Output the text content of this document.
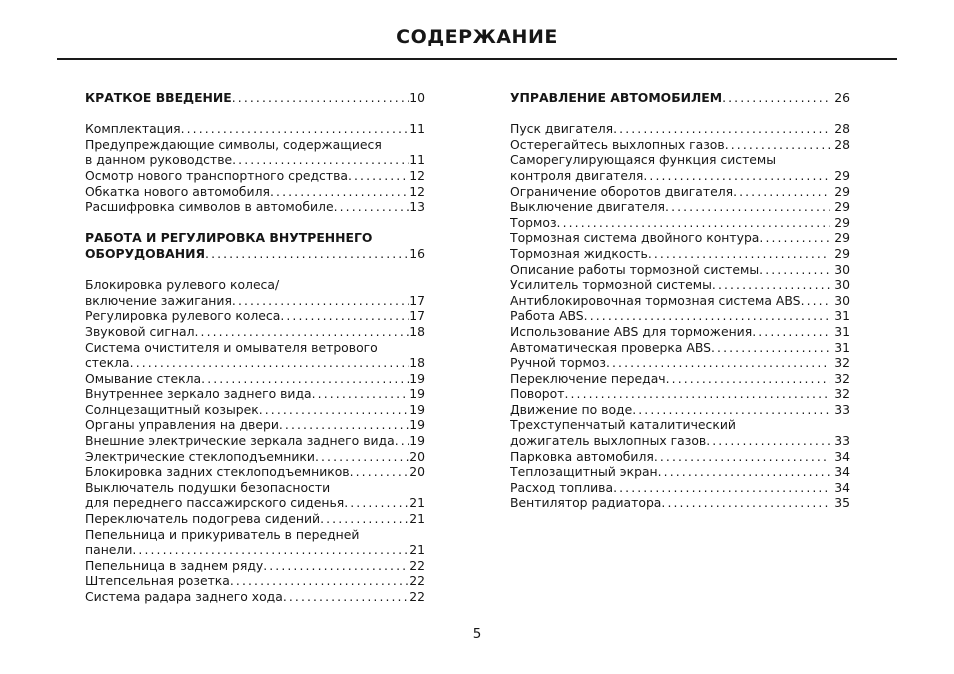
СОДЕРЖАНИЕ
КРАТКОЕ ВВЕДЕНИЕ .....	10
Комплектация .....	11
Предупреждающие символы, содержащиеся
в данном руководстве .....	11
Осмотр нового транспортного средства .....	12
Обкатка нового автомобиля .....	12
Расшифровка символов в автомобиле .....	13
РАБОТА И РЕГУЛИРОВКА ВНУТРЕННЕГО
ОБОРУДОВАНИЯ .....	16
Блокировка рулевого колеса/
включение зажигания .....	17
Регулировка рулевого колеса .....	17
Звуковой сигнал .....	18
Система очистителя и омывателя ветрового
стекла .....	18
Омывание стекла .....	19
Внутреннее зеркало заднего вида .....	19
Солнцезащитный козырек .....	19
Органы управления на двери .....	19
Внешние электрические зеркала заднего вида ..... 19
Электрические стеклоподъемники .....	20
Блокировка задних стеклоподъемников .....	20
Выключатель подушки безопасности
для переднего пассажирского сиденья .....	21
Переключатель подогрева сидений .....	21
Пепельница и прикуриватель в передней
панели .....	21
Пепельница в заднем ряду .....	22
Штепсельная розетка .....	22
Система радара заднего хода .....	22
УПРАВЛЕНИЕ АВТОМОБИЛЕМ .....	26
Пуск двигателя .....	28
Остерегайтесь выхлопных газов .....	28
Саморегулирующаяся функция системы
контроля двигателя .....	29
Ограничение оборотов двигателя .....	29
Выключение двигателя .....	29
Тормоз .....	29
Тормозная система двойного контура .....	29
Тормозная жидкость .....	29
Описание работы тормозной системы .....	30
Усилитель тормозной системы .....	30
Антиблокировочная тормозная система ABS .....	30
Работа ABS .....	31
Использование ABS для торможения .....	31
Автоматическая проверка ABS .....	31
Ручной тормоз .....	32
Переключение передач .....	32
Поворот .....	32
Движение по воде .....	33
Трехступенчатый каталитический
дожигатель выхлопных газов .....	33
Парковка автомобиля .....	34
Теплозащитный экран .....	34
Расход топлива .....	34
Вентилятор радиатора .....	35
5
